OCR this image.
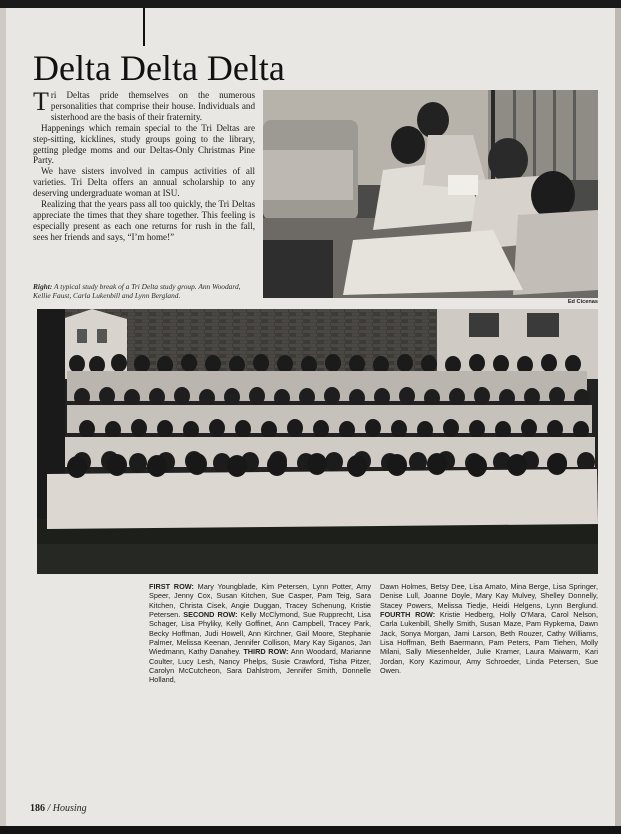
Delta Delta Delta

Tri Deltas pride themselves on the numerous personalities that comprise their house. Individuals and sisterhood are the basis of their fraternity.

Happenings which remain special to the Tri Deltas are step-sitting, kicklines, study groups going to the library, getting pledge moms and our Deltas-Only Christmas Pine Party.

We have sisters involved in campus activities of all varieties. Tri Delta offers an annual scholarship to any deserving undergraduate woman at ISU.

Realizing that the years pass all too quickly, the Tri Deltas appreciate the times that they share together. This feeling is especially present as each one returns for rush in the fall, sees her friends and says, “I’m home!”

Right: A typical study break of a Tri Delta study group. Ann Woodard, Kellie Faust, Carla Lukenbill and Lynn Bergland.
Ed Cicenas
FIRST ROW: Mary Youngblade, Kim Petersen, Lynn Potter, Amy Speer, Jenny Cox, Susan Kitchen, Sue Casper, Pam Teig, Sara Kitchen, Christa Cisek, Angie Duggan, Tracey Schenung, Kristie Petersen. SECOND ROW: Kelly McClymond, Sue Rupprecht, Lisa Schager, Lisa Phyliky, Kelly Goffinet, Ann Campbell, Tracey Park, Becky Hoffman, Judi Howell, Ann Kirchner, Gail Moore, Stephanie Palmer, Melissa Keenan, Jennifer Collison, Mary Kay Siganos, Jan Wiedmann, Kathy Danahey. THIRD ROW: Ann Woodard, Marianne Coulter, Lucy Lesh, Nancy Phelps, Susie Crawford, Tisha Pitzer, Carolyn McCutcheon, Sara Dahlstrom, Jennifer Smith, Donnelle Holland,
Dawn Holmes, Betsy Dee, Lisa Amato, Mina Berge, Lisa Springer, Denise Lull, Joanne Doyle, Mary Kay Mulvey, Shelley Donnelly, Stacey Powers, Melissa Tiedje, Heidi Helgens, Lynn Berglund. FOURTH ROW: Kristie Hedberg, Holly O’Mara, Carol Nelson, Carla Lukenbill, Shelly Smith, Susan Maze, Pam Rypkema, Dawn Jack, Sonya Morgan, Jami Larson, Beth Rouzer, Cathy Williams, Lisa Hoffman, Beth Baermann, Pam Peters, Pam Tiehen, Molly Milani, Sally Miesenhelder, Julie Kramer, Laura Maiwarm, Kari Jordan, Kory Kazimour, Amy Schroeder, Linda Petersen, Sue Owen.
186 / Housing
